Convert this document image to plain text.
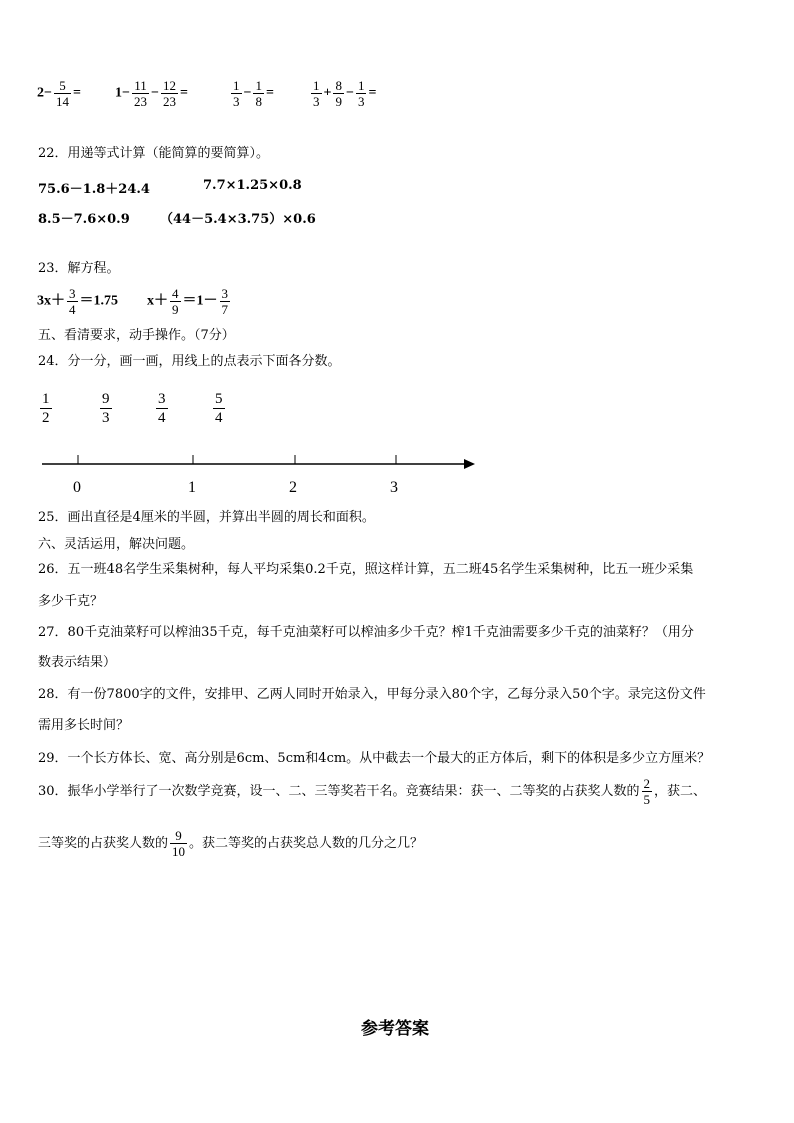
$2- \frac{5}{14} = 1- \frac{11}{23} - \frac{12}{23}$ =	$\frac{1}{3} - \frac{1}{8}$ =	$\frac{1}{3} + \frac{8}{9} - \frac{1}{3}$ =
22．用递等式计算（能简算的要简算）。
75.6－1.8＋24.4	7.7×1.25×0.8
8.5－7.6×0.9 （44－5.4×3.75）×0.6
23．解方程。
$3x+ \frac{3}{4} =1.75$ $x+ \frac{4}{9} =1- \frac{3}{7}$
五、看清要求，动手操作。（7分）
24．分一分，画一画，用线上的点表示下面各分数。
$\frac{1}{2}$	$\frac{9}{3}$	$\frac{3}{4}$	$\frac{5}{4}$
0	1	2	3
25．画出直径是4厘米的半圆，并算出半圆的周长和面积。
六、灵活运用，解决问题。
26．五一班48名学生采集树种，每人平均采集0.2千克，照这样计算，五二班45名学生采集树种，比五一班少采集
多少千克？
27．80千克油菜籽可以榨油35千克，每千克油菜籽可以榨油多少千克？榨1千克油需要多少千克的油菜籽？（用分
数表示结果）
28．有一份7800字的文件，安排甲、乙两人同时开始录入，甲每分录入80个字，乙每分录入50个字。录完这份文件
需用多长时间？
29．一个长方体长、宽、高分别是6cm、5cm和4cm。从中截去一个最大的正方体后，剩下的体积是多少立方厘米？
30．振华小学举行了一次数学竞赛，设一、二、三等奖若干名。竞赛结果：获一、二等奖的占获奖人数的 $\frac{2}{5}$ ，获二、
三等奖的占获奖人数的 $\frac{9}{10}$ 。获二等奖的占获奖总人数的几分之几？
参考答案
